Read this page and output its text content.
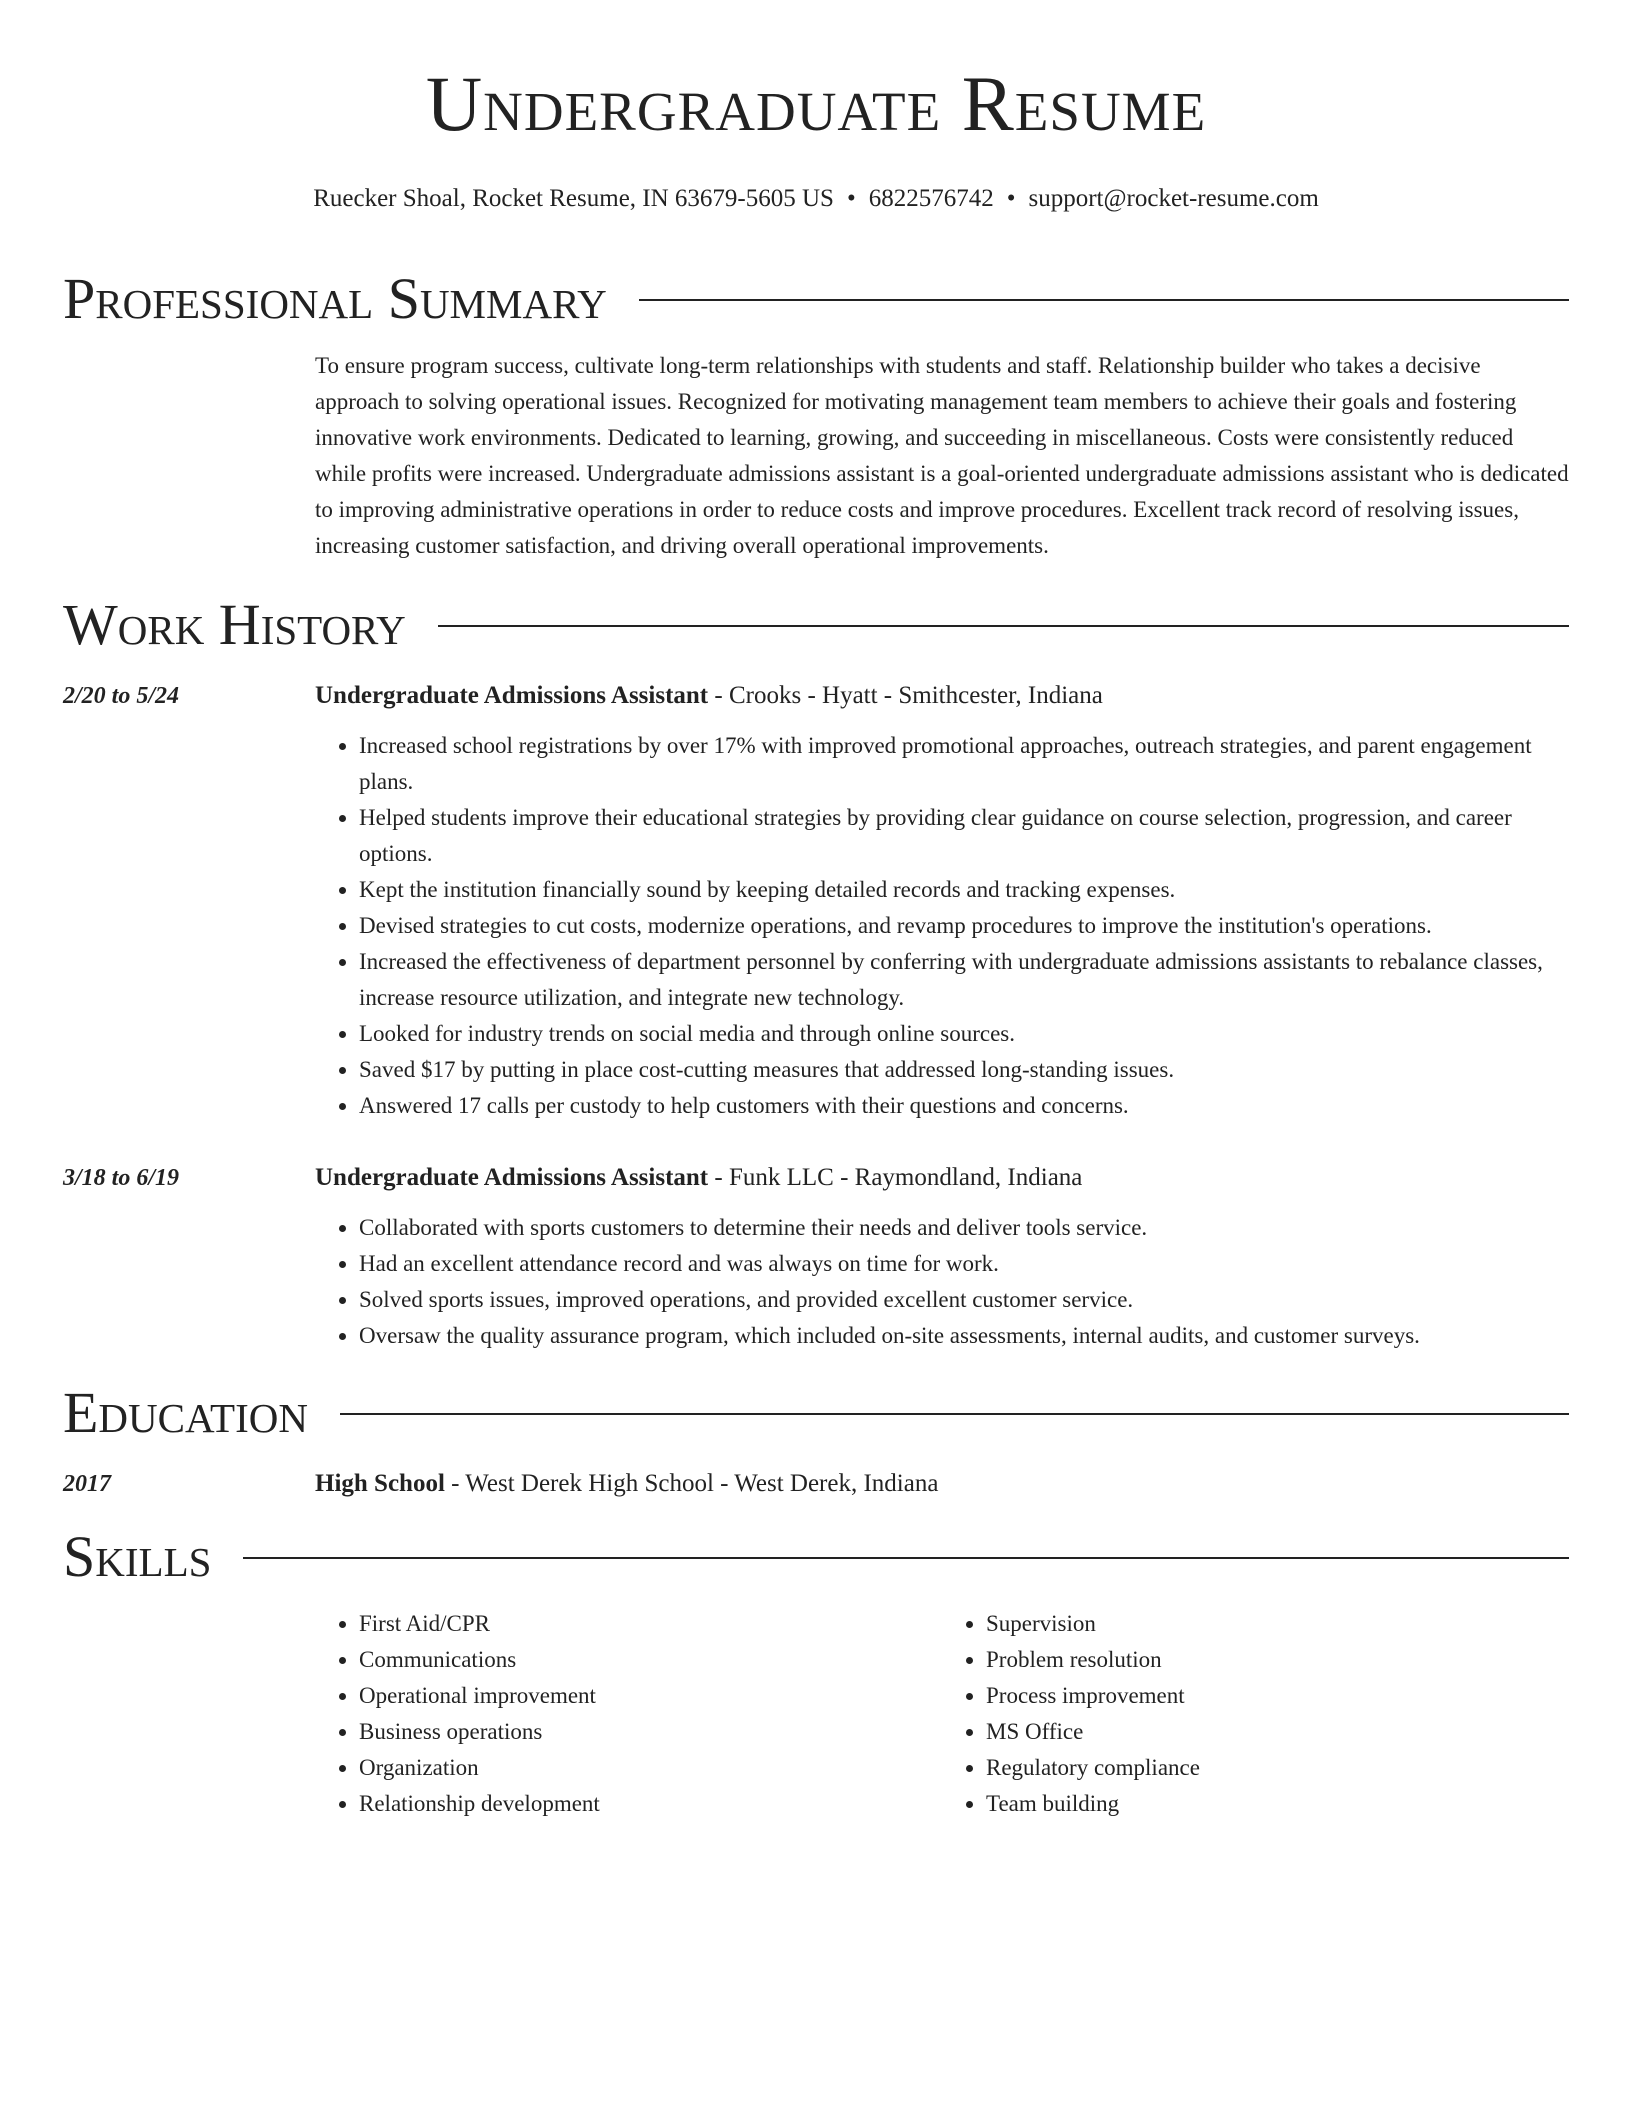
Undergraduate Resume
Ruecker Shoal, Rocket Resume, IN 63679-5605 US • 6822576742 • support@rocket-resume.com
Professional Summary

To ensure program success, cultivate long-term relationships with students and staff. Relationship builder who takes a decisive approach to solving operational issues. Recognized for motivating management team members to achieve their goals and fostering innovative work environments. Dedicated to learning, growing, and succeeding in miscellaneous. Costs were consistently reduced while profits were increased. Undergraduate admissions assistant is a goal-oriented undergraduate admissions assistant who is dedicated to improving administrative operations in order to reduce costs and improve procedures. Excellent track record of resolving issues, increasing customer satisfaction, and driving overall operational improvements.

Work History
2/20 to 5/24	Undergraduate Admissions Assistant - Crooks - Hyatt - Smithcester, Indiana
• Increased school registrations by over 17% with improved promotional approaches, outreach strategies, and parent engagement plans.
• Helped students improve their educational strategies by providing clear guidance on course selection, progression, and career options.
• Kept the institution financially sound by keeping detailed records and tracking expenses.
• Devised strategies to cut costs, modernize operations, and revamp procedures to improve the institution's operations.
• Increased the effectiveness of department personnel by conferring with undergraduate admissions assistants to rebalance classes, increase resource utilization, and integrate new technology.
• Looked for industry trends on social media and through online sources.
• Saved $17 by putting in place cost-cutting measures that addressed long-standing issues.
• Answered 17 calls per custody to help customers with their questions and concerns.
3/18 to 6/19	Undergraduate Admissions Assistant - Funk LLC - Raymondland, Indiana
• Collaborated with sports customers to determine their needs and deliver tools service.
• Had an excellent attendance record and was always on time for work.
• Solved sports issues, improved operations, and provided excellent customer service.
• Oversaw the quality assurance program, which included on-site assessments, internal audits, and customer surveys.
Education
2017	High School - West Derek High School - West Derek, Indiana
Skills
• First Aid/CPR
• Communications
• Operational improvement
• Business operations
• Organization
• Relationship development
• Supervision
• Problem resolution
• Process improvement
• MS Office
• Regulatory compliance
• Team building
